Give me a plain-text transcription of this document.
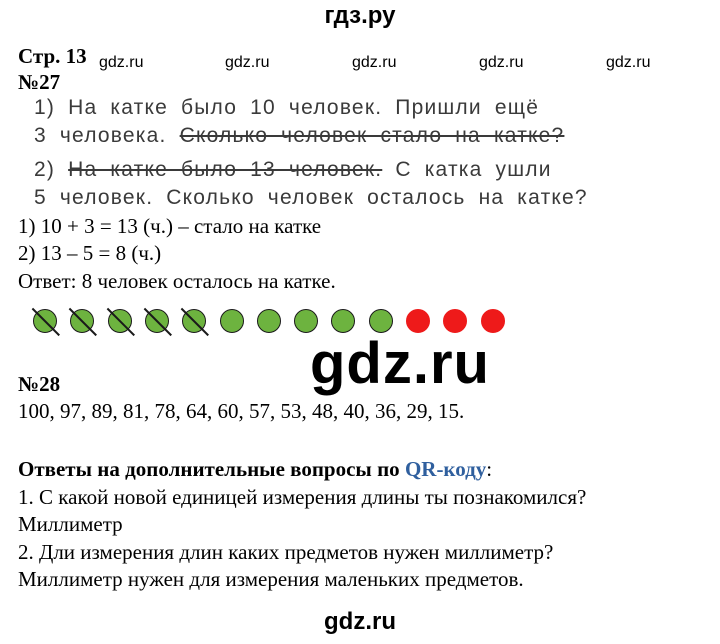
гдз.ру
Стр. 13 gdz.ru	gdz.ru	gdz.ru	gdz.ru	gdz.ru
№27
1) На катке было 10 человек. Пришли ещё
3 человека. Сколько человек стало на катке?
2) На катке было 13 человек. С катка ушли
5 человек. Сколько человек осталось на катке?
1) 10 + 3 = 13 (ч.) – стало на катке
2) 13 – 5 = 8 (ч.)
Ответ: 8 человек осталось на катке.
gdz.ru
№28
100, 97, 89, 81, 78, 64, 60, 57, 53, 48, 40, 36, 29, 15.
Ответы на дополнительные вопросы по QR-коду:
1. С какой новой единицей измерения длины ты познакомился?
Миллиметр
2. Дли измерения длин каких предметов нужен миллиметр?
Миллиметр нужен для измерения маленьких предметов.
gdz.ru
